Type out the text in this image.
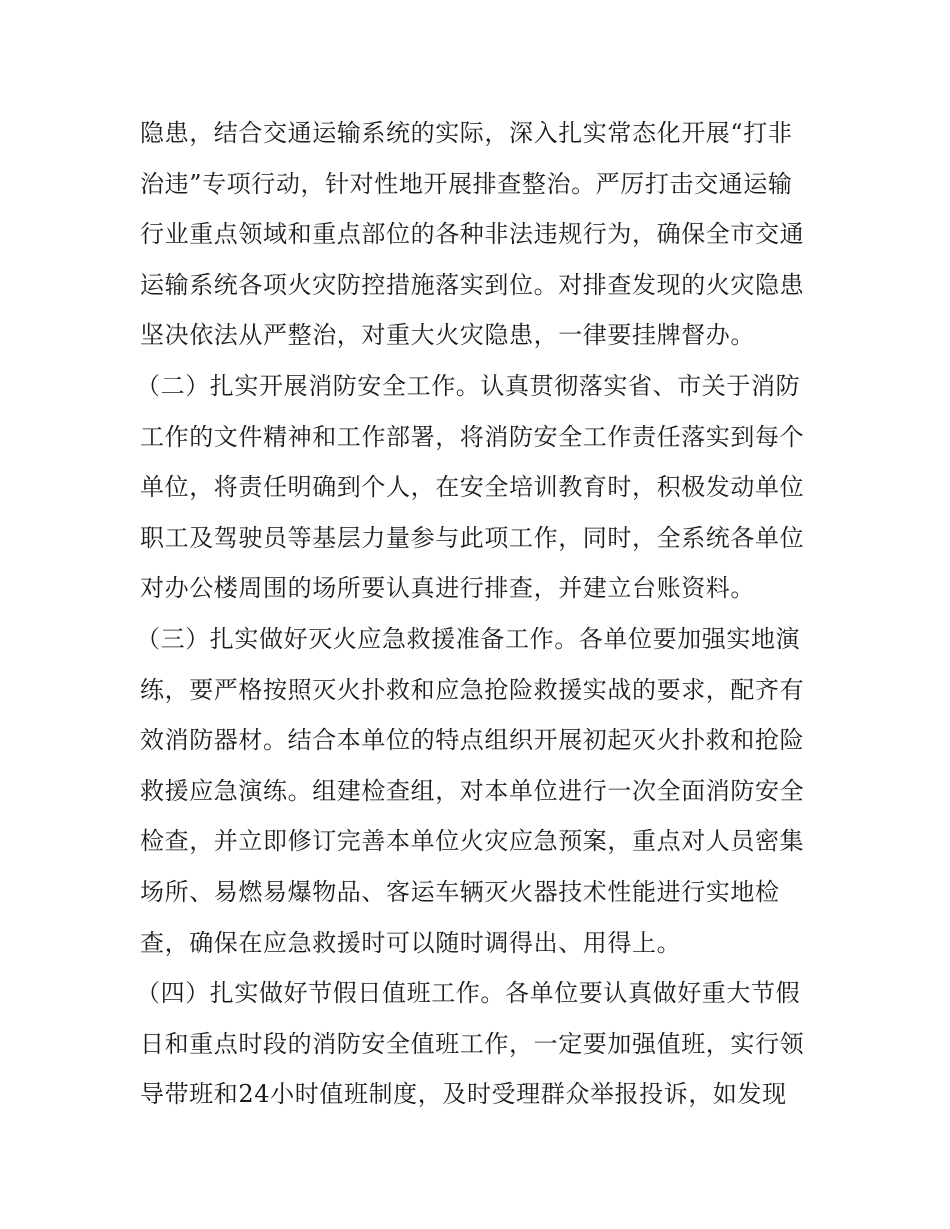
隐患，结合交通运输系统的实际，深入扎实常态化开展“打非
治违”专项行动，针对性地开展排查整治。严厉打击交通运输
行业重点领域和重点部位的各种非法违规行为，确保全市交通
运输系统各项火灾防控措施落实到位。对排查发现的火灾隐患
坚决依法从严整治，对重大火灾隐患，一律要挂牌督办。
（二）扎实开展消防安全工作。认真贯彻落实省、市关于消防
工作的文件精神和工作部署，将消防安全工作责任落实到每个
单位，将责任明确到个人，在安全培训教育时，积极发动单位
职工及驾驶员等基层力量参与此项工作，同时，全系统各单位
对办公楼周围的场所要认真进行排查，并建立台账资料。
（三）扎实做好灭火应急救援准备工作。各单位要加强实地演
练，要严格按照灭火扑救和应急抢险救援实战的要求，配齐有
效消防器材。结合本单位的特点组织开展初起灭火扑救和抢险
救援应急演练。组建检查组，对本单位进行一次全面消防安全
检查，并立即修订完善本单位火灾应急预案，重点对人员密集
场所、易燃易爆物品、客运车辆灭火器技术性能进行实地检
查，确保在应急救援时可以随时调得出、用得上。
（四）扎实做好节假日值班工作。各单位要认真做好重大节假
日和重点时段的消防安全值班工作，一定要加强值班，实行领
导带班和24小时值班制度，及时受理群众举报投诉，如发现
